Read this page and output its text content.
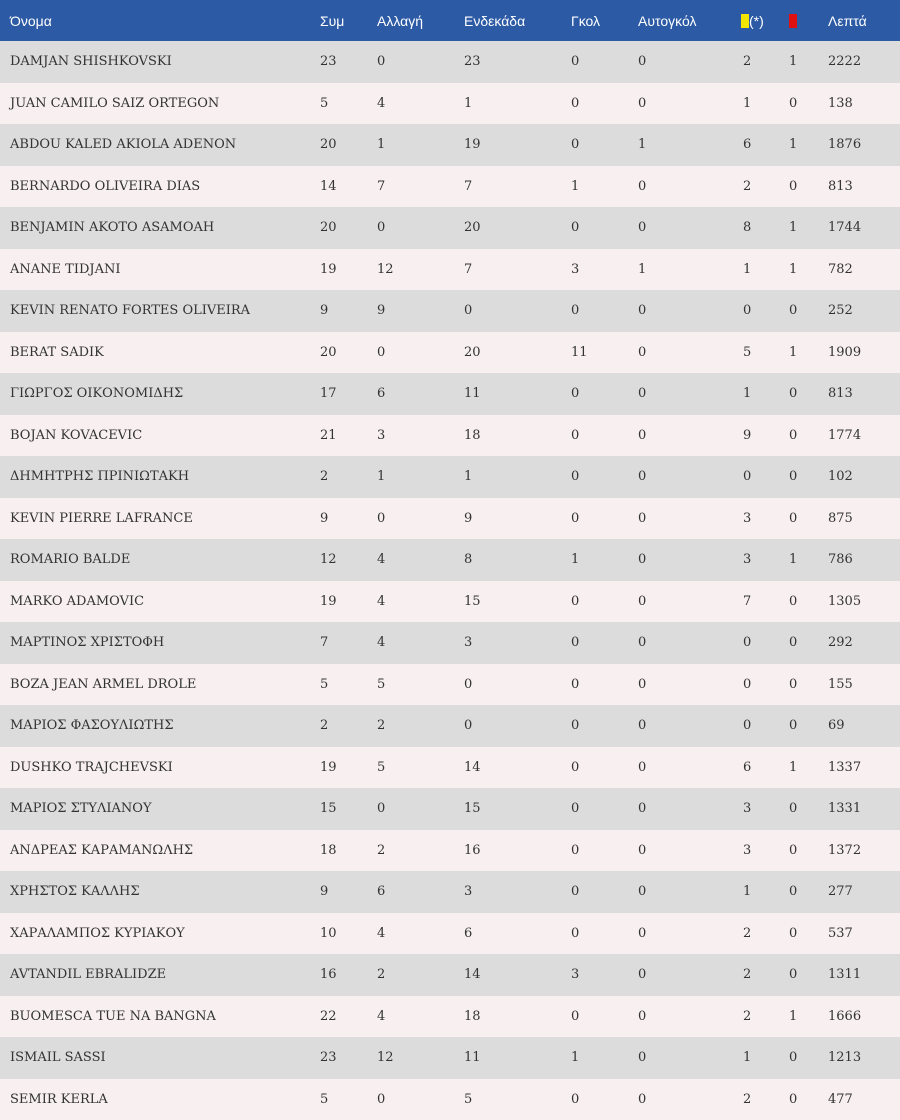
Όνομα	Συμ	Αλλαγή	Ενδεκάδα	Γκολ	Αυτογκόλ	(*)		Λεπτά
DAMJAN SHISHKOVSKI	23	0	23	0	0	2	1	2222
JUAN CAMILO SAIZ ORTEGON	5	4	1	0	0	1	0	138
ABDOU KALED AKIOLA ADENON	20	1	19	0	1	6	1	1876
BERNARDO OLIVEIRA DIAS	14	7	7	1	0	2	0	813
BENJAMIN AKOTO ASAMOAH	20	0	20	0	0	8	1	1744
ANANE TIDJANI	19	12	7	3	1	1	1	782
KEVIN RENATO FORTES OLIVEIRA	9	9	0	0	0	0	0	252
BERAT SADIK	20	0	20	11	0	5	1	1909
ΓΙΩΡΓΟΣ ΟΙΚΟΝΟΜΙΔΗΣ	17	6	11	0	0	1	0	813
BOJAN KOVACEVIC	21	3	18	0	0	9	0	1774
ΔΗΜΗΤΡΗΣ ΠΡΙΝΙΩΤΑΚΗ	2	1	1	0	0	0	0	102
KEVIN PIERRE LAFRANCE	9	0	9	0	0	3	0	875
ROMARIO BALDE	12	4	8	1	0	3	1	786
MARKO ADAMOVIC	19	4	15	0	0	7	0	1305
ΜΑΡΤΙΝΟΣ ΧΡΙΣΤΟΦΗ	7	4	3	0	0	0	0	292
BOZA JEAN ARMEL DROLE	5	5	0	0	0	0	0	155
ΜΑΡΙΟΣ ΦΑΣΟΥΛΙΩΤΗΣ	2	2	0	0	0	0	0	69
DUSHKO TRAJCHEVSKI	19	5	14	0	0	6	1	1337
ΜΑΡΙΟΣ ΣΤΥΛΙΑΝΟΥ	15	0	15	0	0	3	0	1331
ΑΝΔΡΕΑΣ ΚΑΡΑΜΑΝΩΛΗΣ	18	2	16	0	0	3	0	1372
ΧΡΗΣΤΟΣ ΚΑΛΛΗΣ	9	6	3	0	0	1	0	277
ΧΑΡΑΛΑΜΠΟΣ ΚΥΡΙΑΚΟΥ	10	4	6	0	0	2	0	537
AVTANDIL EBRALIDZE	16	2	14	3	0	2	0	1311
BUOMESCA TUE NA BANGNA	22	4	18	0	0	2	1	1666
ISMAIL SASSI	23	12	11	1	0	1	0	1213
SEMIR KERLA	5	0	5	0	0	2	0	477
